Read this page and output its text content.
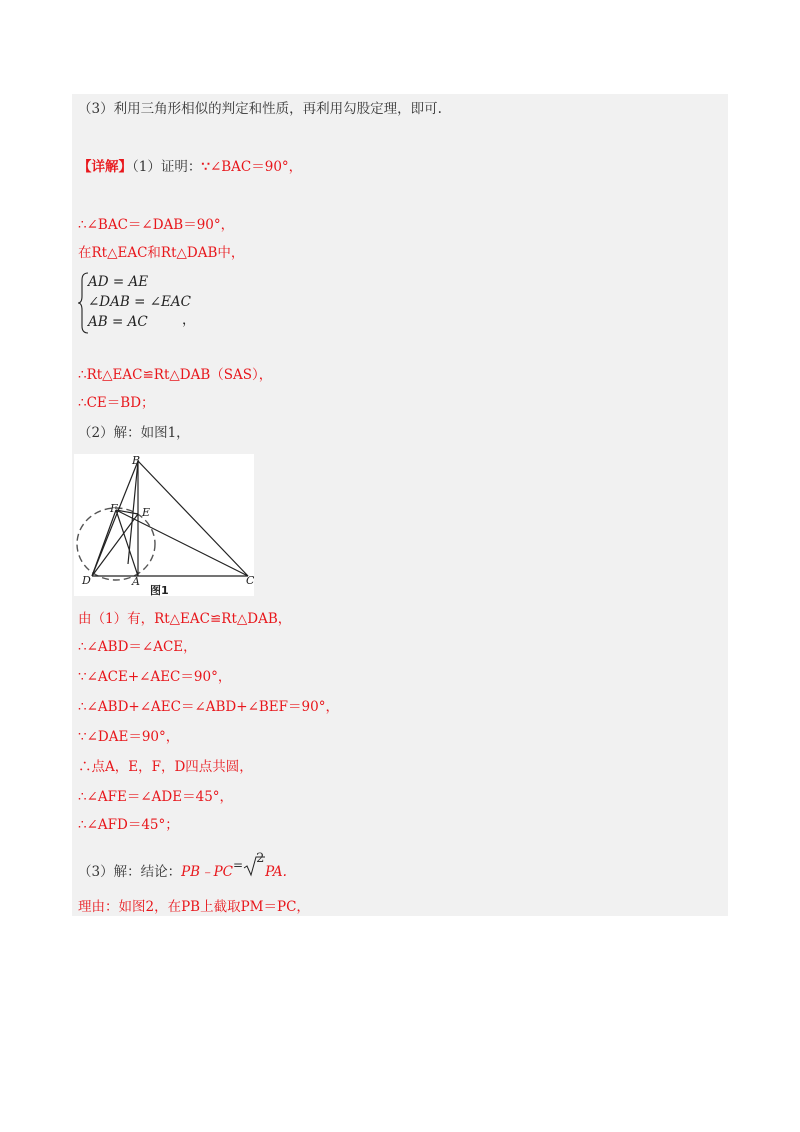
（3）利用三角形相似的判定和性质，再利用勾股定理，即可.
【详解】（1）证明：∵∠BAC＝90°，
∴∠BAC＝∠DAB＝90°，
在Rt△EAC和Rt△DAB中，
AD = AE
∠DAB = ∠EAC
AB = AC	，
∴Rt△EAC≌Rt△DAB（SAS），
∴CE＝BD；
（2）解：如图1，
B
F E
D	A	C
图1
由（1）有，Rt△EAC≌Rt△DAB，
∴∠ABD＝∠ACE，
∵∠ACE+∠AEC＝90°，
∴∠ABD+∠AEC＝∠ABD+∠BEF＝90°，
∵∠DAE＝90°，
∴点A，E，F，D四点共圆，
∴∠AFE＝∠ADE＝45°，
∴∠AFD＝45°；
（3）解：结论：PB﹣PC= 2
PA.
理由：如图2，在PB上截取PM＝PC，
